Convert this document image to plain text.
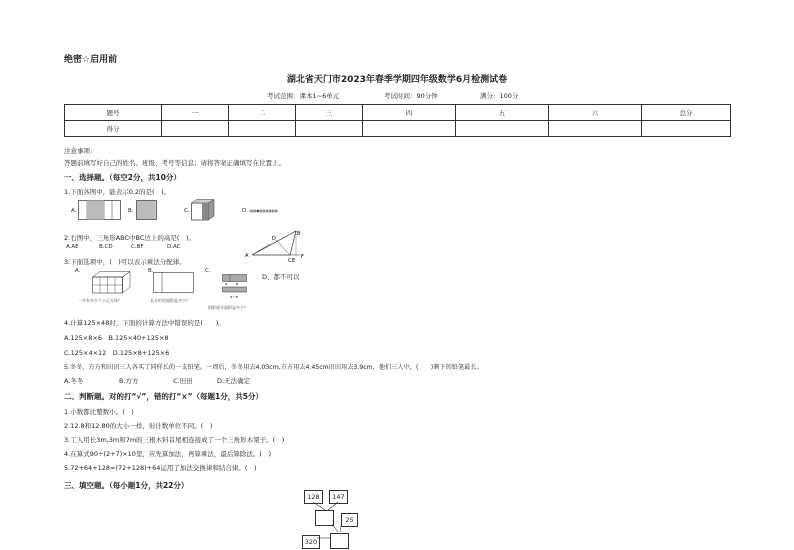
绝密☆启用前
湖北省天门市2023年春季学期四年级数学6月检测试卷
考试范围：课本1~6单元	考试时间：90分钟	满分：100分
题号	一	二	三	四	五	六	总分
得分							
注意事项：
答题前填写好自己的姓名、班级、考号等信息；请将答案正确填写在位置上。
一、选择题。（每空2分，共10分）
1.下面各图中，能表示0.2的是(　)。
A.	B.	C.	D.
2.右图中，三角形ABC中BC边上的高是(　)。
A.AE	B.CD	C.BF	D.AC
A
B
C
D
E
F
3.下面选项中，(　)可以表示乘法分配律。
A.	B.	C.
D、都不可以
a	b
a＋b
一共有多少个小正方体？	长方形的面积是多少？
阴影部分面积是多少？
4.计算125×48时，下面的计算方法中错误的是(　　)。
A.125×8×6　B.125×40+125×8
C.125×4×12　D.125×8+125×6
5.冬冬、方方和田田三人各买了同样长的一支铅笔。一周后，冬冬用去4.03cm,方方用去4.45cm田田用去3.9cm，他们三人中，(　　)剩下的铅笔最长。
A.冬冬	B.方方	C.田田	D.无法确定
二、判断题。对的打“√”，错的打“×”（每题1分，共5分）
1.小数都比整数小。(　)
2.12.8和12.80的大小一样，但计数单位不同。(　)
3.工人用长3m,3m和7m的三根木料首尾相连接成了一个三角形木架子。(　)
4.在算式90÷(2+7)×10里，应先算加法，再算乘法，最后算除法。(　)
5.72+64+128=(72+128)+64运用了加法交换律和结合律。(　)
三、填空题。（每小题1分，共22分）
128	147
25
320
